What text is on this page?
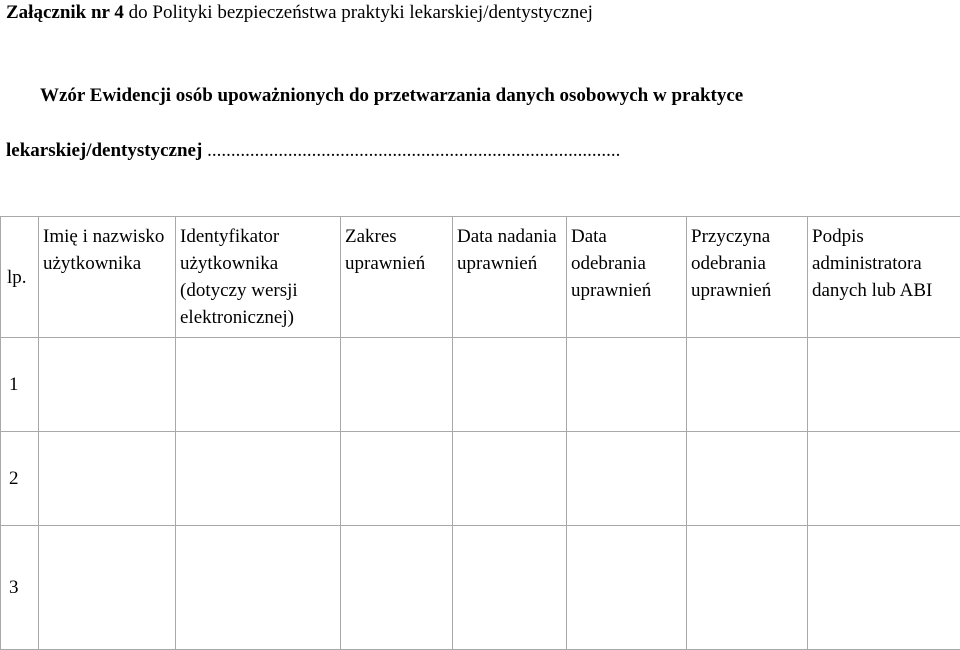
Załącznik nr 4 do Polityki bezpieczeństwa praktyki lekarskiej/dentystycznej
Wzór Ewidencji osób upoważnionych do przetwarzania danych osobowych w praktyce
lekarskiej/dentystycznej .......................................................................................
lp.	Imię i nazwisko użytkownika	Identyfikator użytkownika (dotyczy wersji elektronicznej)	Zakres uprawnień	Data nadania uprawnień	Data odebrania uprawnień	Przyczyna odebrania uprawnień	Podpis administratora danych lub ABI
1							
2							
3							
